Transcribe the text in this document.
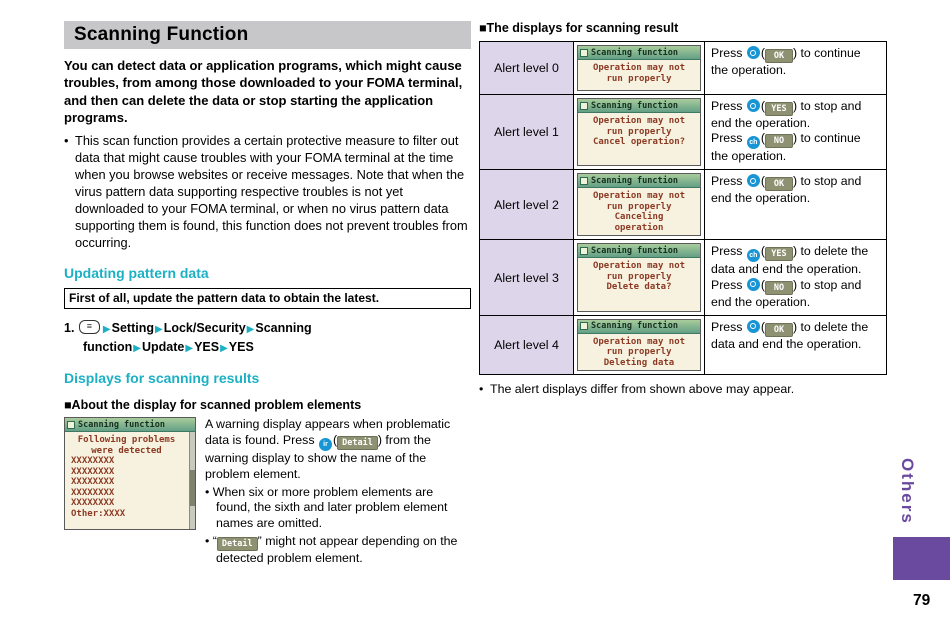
Scanning Function

You can detect data or application programs, which might cause troubles, from among those downloaded to your FOMA terminal, and then can delete the data or stop starting the application programs.

• This scan function provides a certain protective measure to filter out data that might cause troubles with your FOMA terminal at the time when you browse websites or receive messages. Note that when the virus pattern data supporting respective troubles is not yet downloaded to your FOMA terminal, or when no virus pattern data supporting them is found, this function does not prevent troubles from occurring.
Updating pattern data
First of all, update the pattern data to obtain the latest.
1. ≡	▶Setting▶Lock/Security▶Scanning function▶Update▶YES▶YES
Displays for scanning results
■About the display for scanned problem elements
Scanning function
Following problems
were detected
XXXXXXXX
XXXXXXXX
XXXXXXXX
XXXXXXXX
XXXXXXXX
Other:XXXX
A warning display appears when problematic data is found. Press ir ( Detail ) from the warning display to show the name of the problem element.
• When six or more problem elements are found, the sixth and later problem element names are omitted.
• “ Detail ” might not appear depending on the detected problem element.
■The displays for scanning result
Alert level 0
Scanning function
Operation may not
run properly
Press ( OK ) to continue the operation.
Alert level 1
Scanning function
Operation may not
run properly
Cancel operation?
Press ( YES ) to stop and end the operation.
Press ch ( NO ) to continue the operation.
Alert level 2
Scanning function
Operation may not
run properly
Canceling
operation
Press ( OK ) to stop and end the operation.
Alert level 3
Scanning function
Operation may not
run properly
Delete data?
Press ch ( YES ) to delete the data and end the operation.
Press ( NO ) to stop and end the operation.
Alert level 4
Scanning function
Operation may not
run properly
Deleting data
Press ( OK ) to delete the data and end the operation.
• The alert displays differ from shown above may appear.
Others
79
